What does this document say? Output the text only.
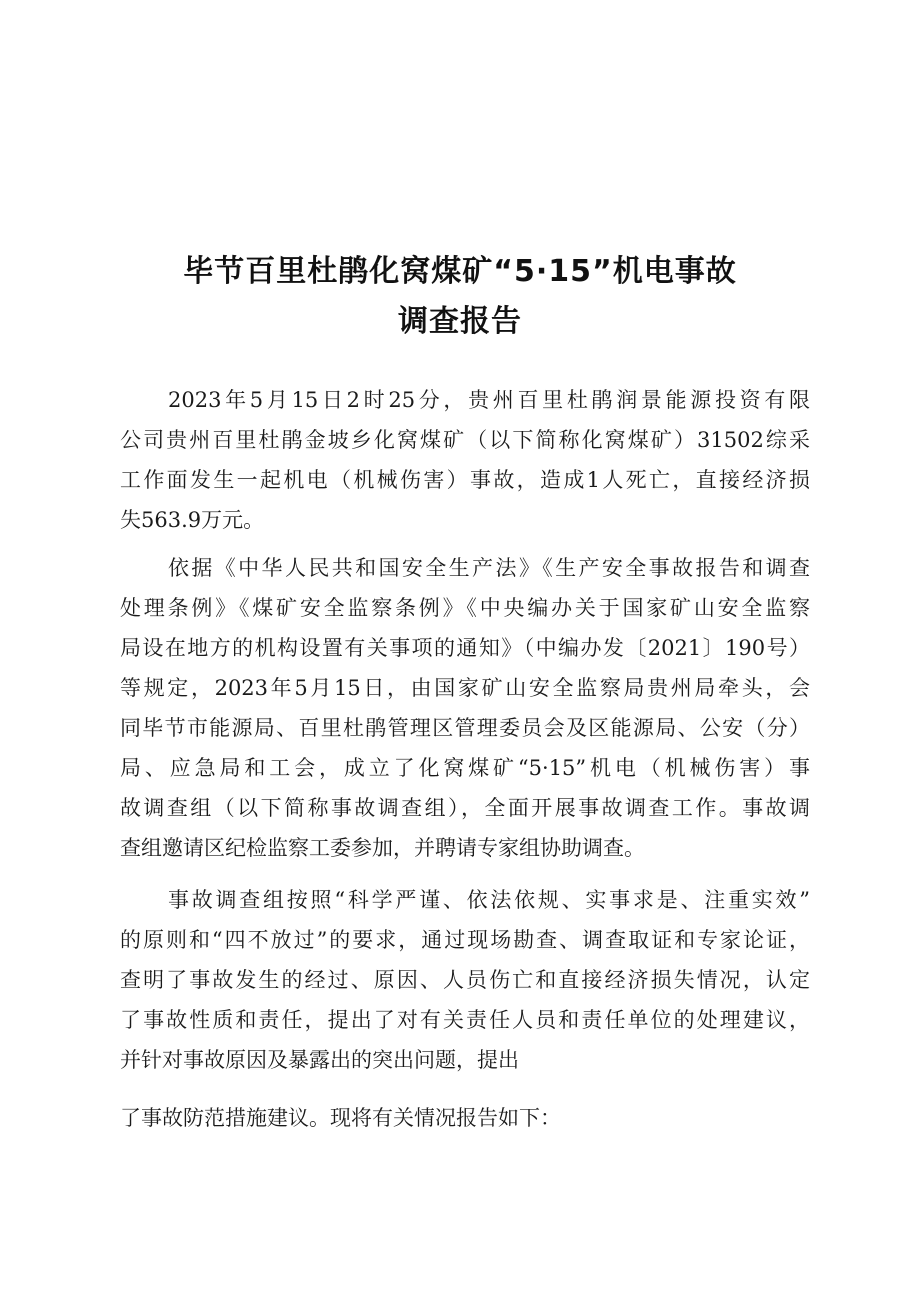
毕节百里杜鹃化窝煤矿“5·15”机电事故
调查报告
2023年5月15日2时25分，贵州百里杜鹃润景能源投资有限
公司贵州百里杜鹃金坡乡化窝煤矿（以下简称化窝煤矿）31502综采
工作面发生一起机电（机械伤害）事故，造成1人死亡，直接经济损
失563.9万元。
依据《中华人民共和国安全生产法》《生产安全事故报告和调查
处理条例》《煤矿安全监察条例》《中央编办关于国家矿山安全监察
局设在地方的机构设置有关事项的通知》（中编办发〔2021〕190号）
等规定，2023年5月15日，由国家矿山安全监察局贵州局牵头，会
同毕节市能源局、百里杜鹃管理区管理委员会及区能源局、公安（分）
局、应急局和工会，成立了化窝煤矿“5·15”机电（机械伤害）事
故调查组（以下简称事故调查组），全面开展事故调查工作。事故调
查组邀请区纪检监察工委参加，并聘请专家组协助调查。
事故调查组按照“科学严谨、依法依规、实事求是、注重实效”
的原则和“四不放过”的要求，通过现场勘查、调查取证和专家论证，
查明了事故发生的经过、原因、人员伤亡和直接经济损失情况，认定
了事故性质和责任，提出了对有关责任人员和责任单位的处理建议，
并针对事故原因及暴露出的突出问题，提出
了事故防范措施建议。现将有关情况报告如下：
